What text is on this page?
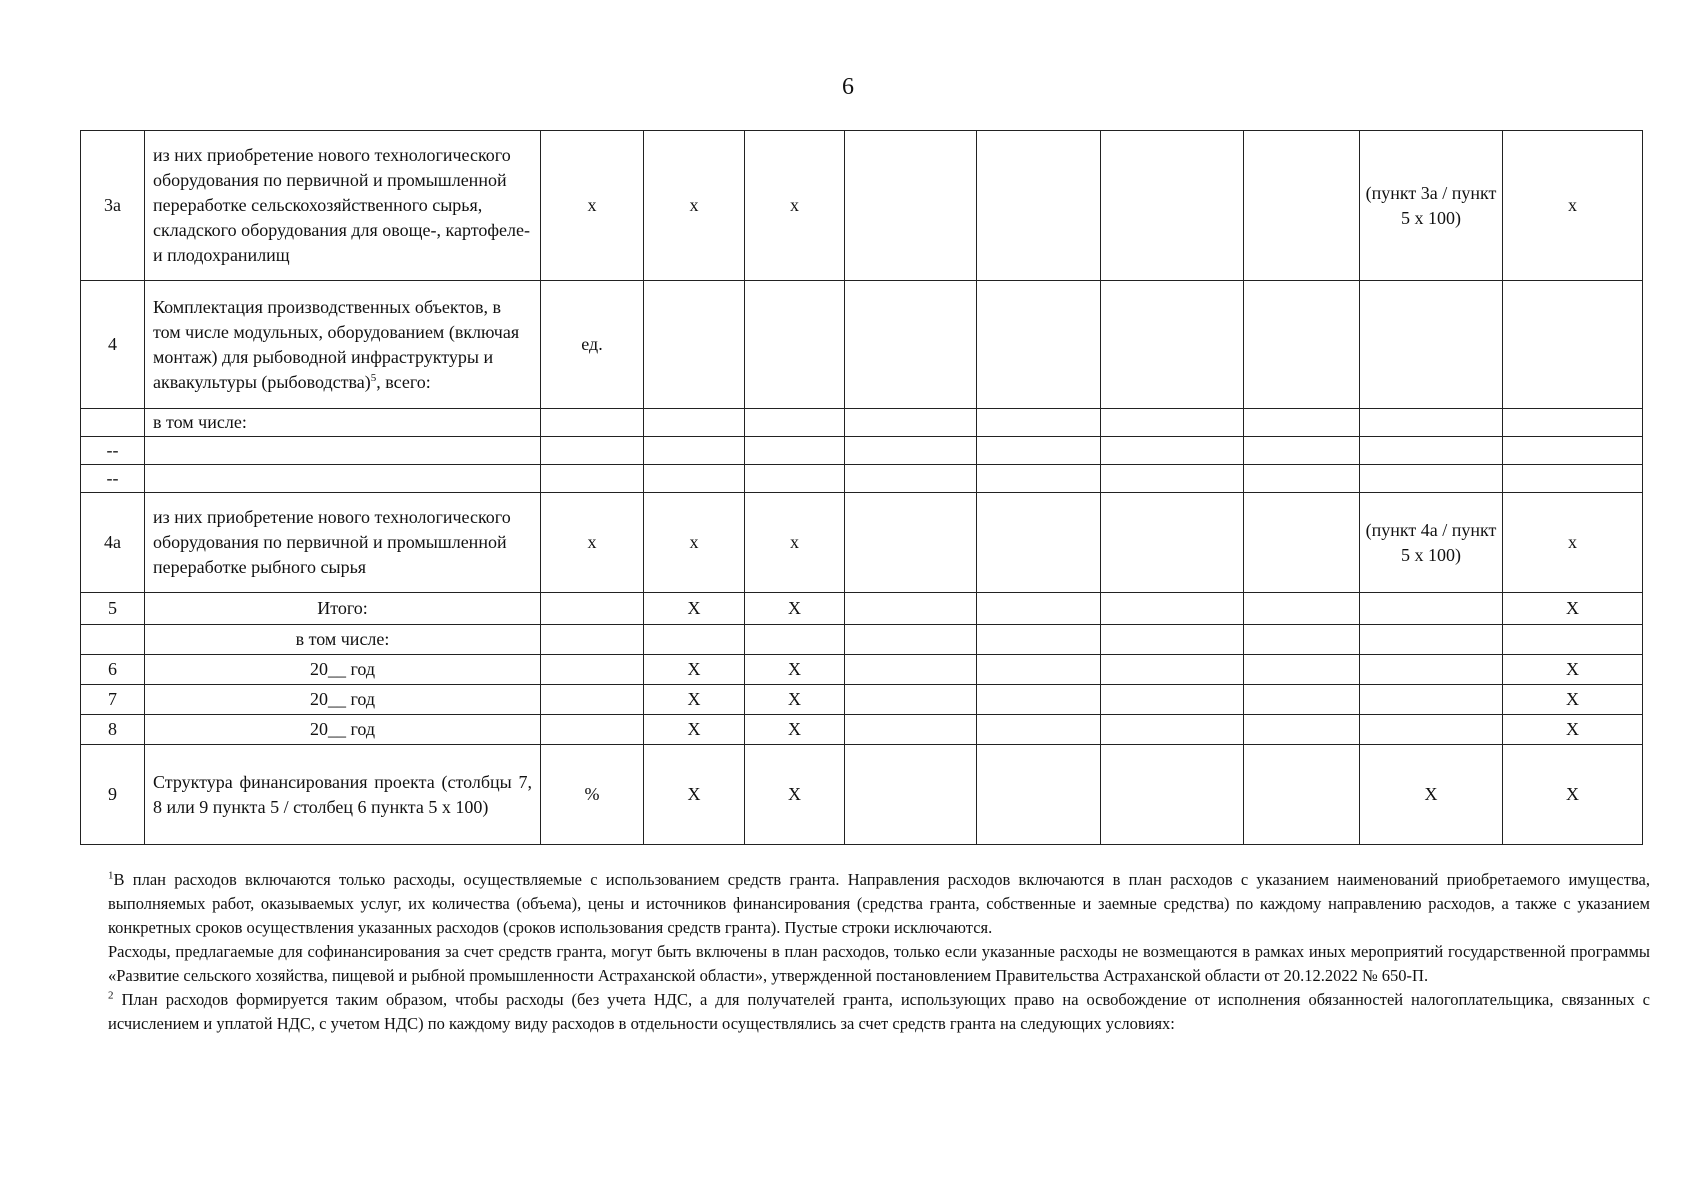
6
3а	из них приобретение нового технологического оборудования по первичной и промышленной переработке сельскохозяйственного сырья, складского оборудования для овоще-, картофеле- и плодохранилищ	x	x	x					(пункт 3а / пункт 5 x 100)	x
4	Комплектация производственных объектов, в том числе модульных, оборудованием (включая монтаж) для рыбоводной инфраструктуры и аквакультуры (рыбоводства)$^5$, всего:	ед.								
	в том числе:									
--										
--										
4а	из них приобретение нового технологического оборудования по первичной и промышленной переработке рыбного сырья	x	x	x					(пункт 4а / пункт 5 x 100)	x
5	Итого:		X	X						X
	в том числе:									
6	20__ год		X	X						X
7	20__ год		X	X						X
8	20__ год		X	X						X
9	Структура финансирования проекта (столбцы 7, 8 или 9 пункта 5 / столбец 6 пункта 5 x 100)	%	X	X					X	X

$^1$В план расходов включаются только расходы, осуществляемые с использованием средств гранта. Направления расходов включаются в план расходов с указанием наименований приобретаемого имущества, выполняемых работ, оказываемых услуг, их количества (объема), цены и источников финансирования (средства гранта, собственные и заемные средства) по каждому направлению расходов, а также с указанием конкретных сроков осуществления указанных расходов (сроков использования средств гранта). Пустые строки исключаются.

Расходы, предлагаемые для софинансирования за счет средств гранта, могут быть включены в план расходов, только если указанные расходы не возмещаются в рамках иных мероприятий государственной программы «Развитие сельского хозяйства, пищевой и рыбной промышленности Астраханской области», утвержденной постановлением Правительства Астраханской области от 20.12.2022 № 650-П.

$^2$ План расходов формируется таким образом, чтобы расходы (без учета НДС, а для получателей гранта, использующих право на освобождение от исполнения обязанностей налогоплательщика, связанных с исчислением и уплатой НДС, с учетом НДС) по каждому виду расходов в отдельности осуществлялись за счет средств гранта на следующих условиях:
